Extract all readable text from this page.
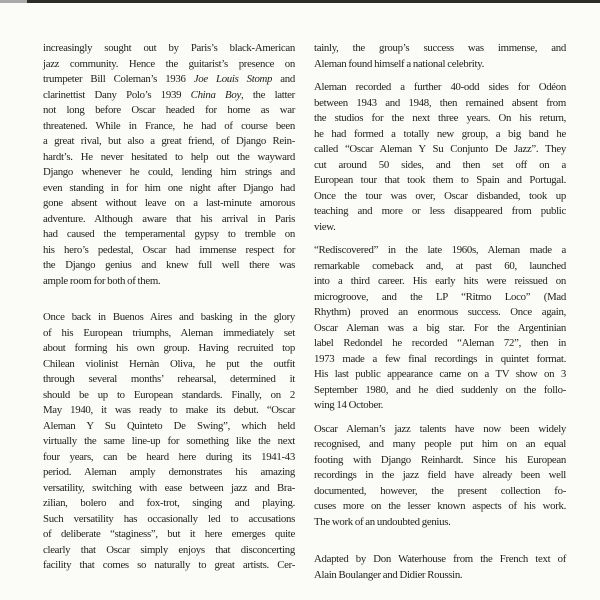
increasingly sought out by Paris’s black-American
jazz community. Hence the guitarist’s presence on
trumpeter Bill Coleman’s 1936 Joe Louis Stomp and
clarinettist Dany Polo’s 1939 China Boy, the latter
not long before Oscar headed for home as war
threatened. While in France, he had of course been
a great rival, but also a great friend, of Django Rein-
hardt’s. He never hesitated to help out the wayward
Django whenever he could, lending him strings and
even standing in for him one night after Django had
gone absent without leave on a last-minute amorous
adventure. Although aware that his arrival in Paris
had caused the temperamental gypsy to tremble on
his hero’s pedestal, Oscar had immense respect for
the Django genius and knew full well there was
ample room for both of them.
Once back in Buenos Aires and basking in the glory
of his European triumphs, Aleman immediately set
about forming his own group. Having recruited top
Chilean violinist Hernàn Oliva, he put the outfit
through several months’ rehearsal, determined it
should be up to European standards. Finally, on 2
May 1940, it was ready to make its debut. “Oscar
Aleman Y Su Quinteto De Swing”, which held
virtually the same line-up for something like the next
four years, can be heard here during its 1941-43
period. Aleman amply demonstrates his amazing
versatility, switching with ease between jazz and Bra-
zilian, bolero and fox-trot, singing and playing.
Such versatility has occasionally led to accusations
of deliberate “staginess”, but it here emerges quite
clearly that Oscar simply enjoys that disconcerting
facility that comes so naturally to great artists. Cer-
tainly, the group’s success was immense, and
Aleman found himself a national celebrity.
Aleman recorded a further 40-odd sides for Odéon
between 1943 and 1948, then remained absent from
the studios for the next three years. On his return,
he had formed a totally new group, a big band he
called “Oscar Aleman Y Su Conjunto De Jazz”. They
cut around 50 sides, and then set off on a
European tour that took them to Spain and Portugal.
Once the tour was over, Oscar disbanded, took up
teaching and more or less disappeared from public
view.
“Rediscovered” in the late 1960s, Aleman made a
remarkable comeback and, at past 60, launched
into a third career. His early hits were reissued on
microgroove, and the LP “Ritmo Loco” (Mad
Rhythm) proved an enormous success. Once again,
Oscar Aleman was a big star. For the Argentinian
label Redondel he recorded “Aleman 72”, then in
1973 made a few final recordings in quintet format.
His last public appearance came on a TV show on 3
September 1980, and he died suddenly on the follo-
wing 14 October.
Oscar Aleman’s jazz talents have now been widely
recognised, and many people put him on an equal
footing with Django Reinhardt. Since his European
recordings in the jazz field have already been well
documented, however, the present collection fo-
cuses more on the lesser known aspects of his work.
The work of an undoubted genius.
Adapted by Don Waterhouse from the French text of
Alain Boulanger and Didier Roussin.
